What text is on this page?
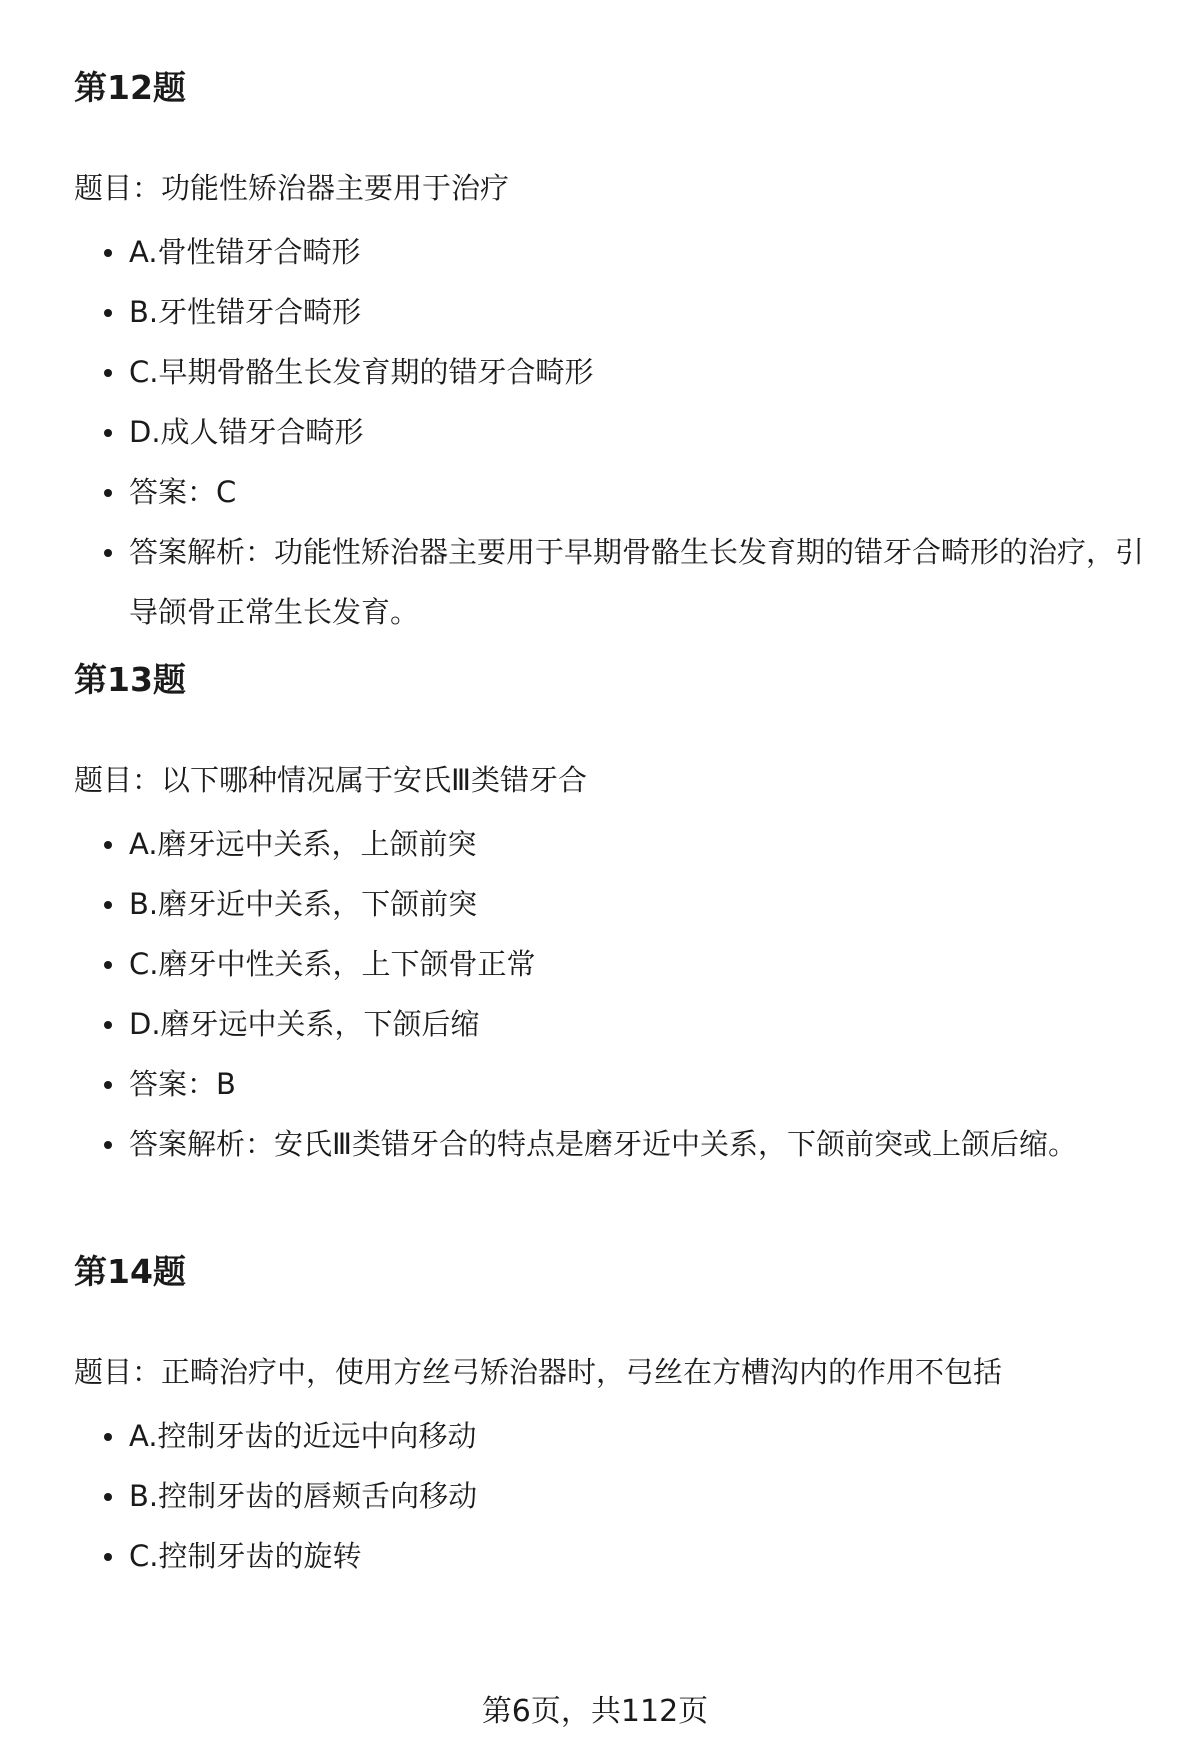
第12题

题目：功能性矫治器主要用于治疗

A.骨性错牙合畸形
B.牙性错牙合畸形
C.早期骨骼生长发育期的错牙合畸形
D.成人错牙合畸形
答案：C
答案解析：功能性矫治器主要用于早期骨骼生长发育期的错牙合畸形的治疗，引导颌骨正常生长发育。
第13题

题目：以下哪种情况属于安氏Ⅲ类错牙合

A.磨牙远中关系，上颌前突
B.磨牙近中关系，下颌前突
C.磨牙中性关系，上下颌骨正常
D.磨牙远中关系，下颌后缩
答案：B
答案解析：安氏Ⅲ类错牙合的特点是磨牙近中关系，下颌前突或上颌后缩。
第14题

题目：正畸治疗中，使用方丝弓矫治器时，弓丝在方槽沟内的作用不包括

A.控制牙齿的近远中向移动
B.控制牙齿的唇颊舌向移动
C.控制牙齿的旋转
第6页，共112页
